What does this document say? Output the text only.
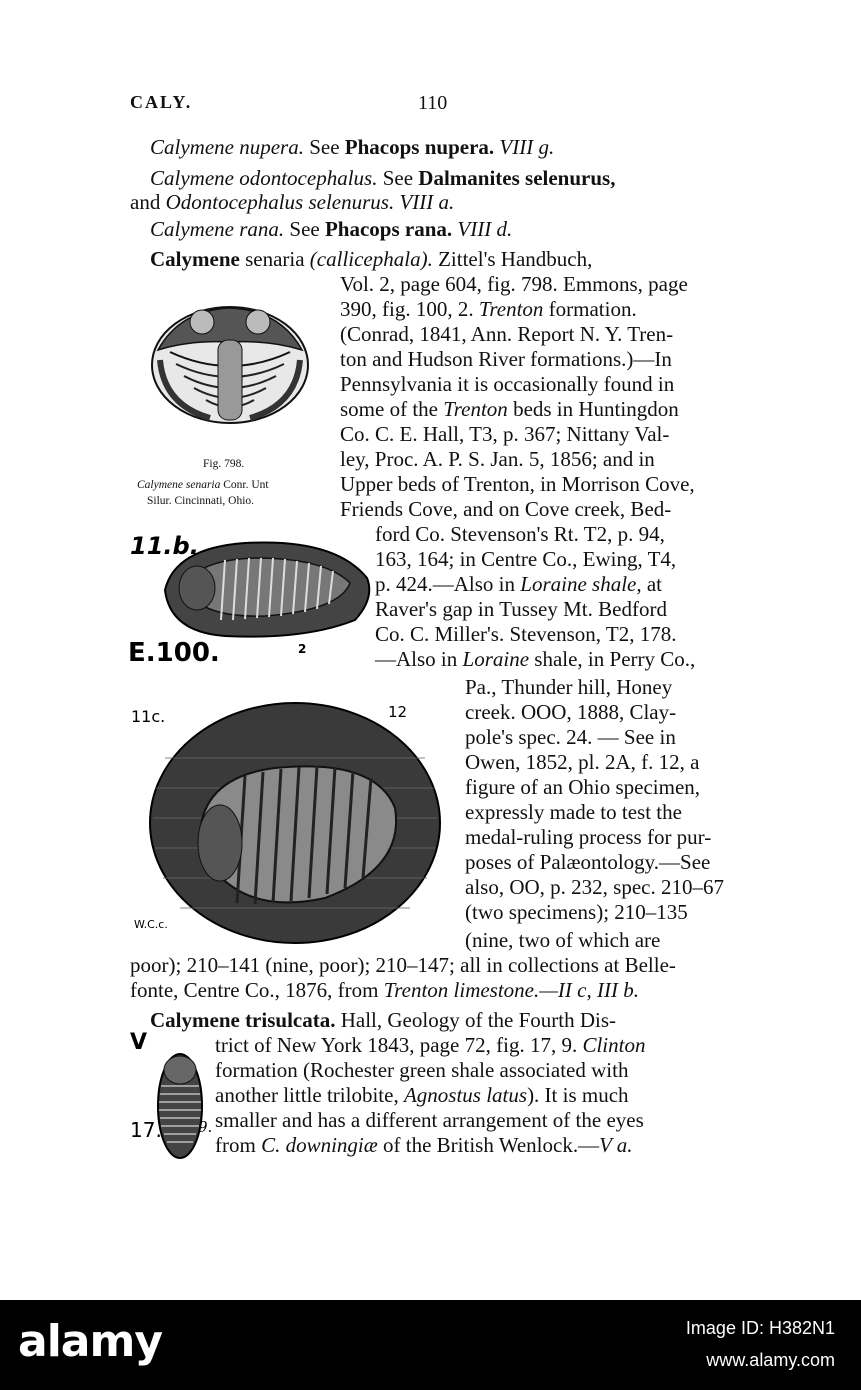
CALY.	110
Calymene nupera. See Phacops nupera. VIII g.
Calymene odontocephalus. See Dalmanites selenurus,
and Odontocephalus selenurus. VIII a.
Calymene rana. See Phacops rana. VIII d.
Calymene senaria (callicephala). Zittel's Handbuch,
Vol. 2, page 604, fig. 798. Emmons, page
390, fig. 100, 2. Trenton formation.
(Conrad, 1841, Ann. Report N. Y. Tren-
ton and Hudson River formations.)—In
Pennsylvania it is occasionally found in
some of the Trenton beds in Huntingdon
Co. C. E. Hall, T3, p. 367; Nittany Val-
ley, Proc. A. P. S. Jan. 5, 1856; and in
Upper beds of Trenton, in Morrison Cove,
Friends Cove, and on Cove creek, Bed-
ford Co. Stevenson's Rt. T2, p. 94,
163, 164; in Centre Co., Ewing, T4,
p. 424.—Also in Loraine shale, at
Raver's gap in Tussey Mt. Bedford
Co. C. Miller's. Stevenson, T2, 178.
—Also in Loraine shale, in Perry Co.,
Pa., Thunder hill, Honey
creek. OOO, 1888, Clay-
pole's spec. 24. — See in
Owen, 1852, pl. 2A, f. 12, a
figure of an Ohio specimen,
expressly made to test the
medal-ruling process for pur-
poses of Palæontology.—See
also, OO, p. 232, spec. 210–67
(two specimens); 210–135
(nine, two of which are
poor); 210–141 (nine, poor); 210–147; all in collections at Belle-
fonte, Centre Co., 1876, from Trenton limestone.—II c, III b.
Calymene trisulcata. Hall, Geology of the Fourth Dis-
trict of New York 1843, page 72, fig. 17, 9. Clinton
formation (Rochester green shale associated with
another little trilobite, Agnostus latus). It is much
smaller and has a different arrangement of the eyes
from C. downingiæ of the British Wenlock.—V a.
Fig. 798.
Calymene senaria Conr. Unt
Silur. Cincinnati, Ohio.
11.b.
E.100.	2
11c.	12
W.C.c.
V
17. 9.
alamy	Image ID: H382N1
www.alamy.com
